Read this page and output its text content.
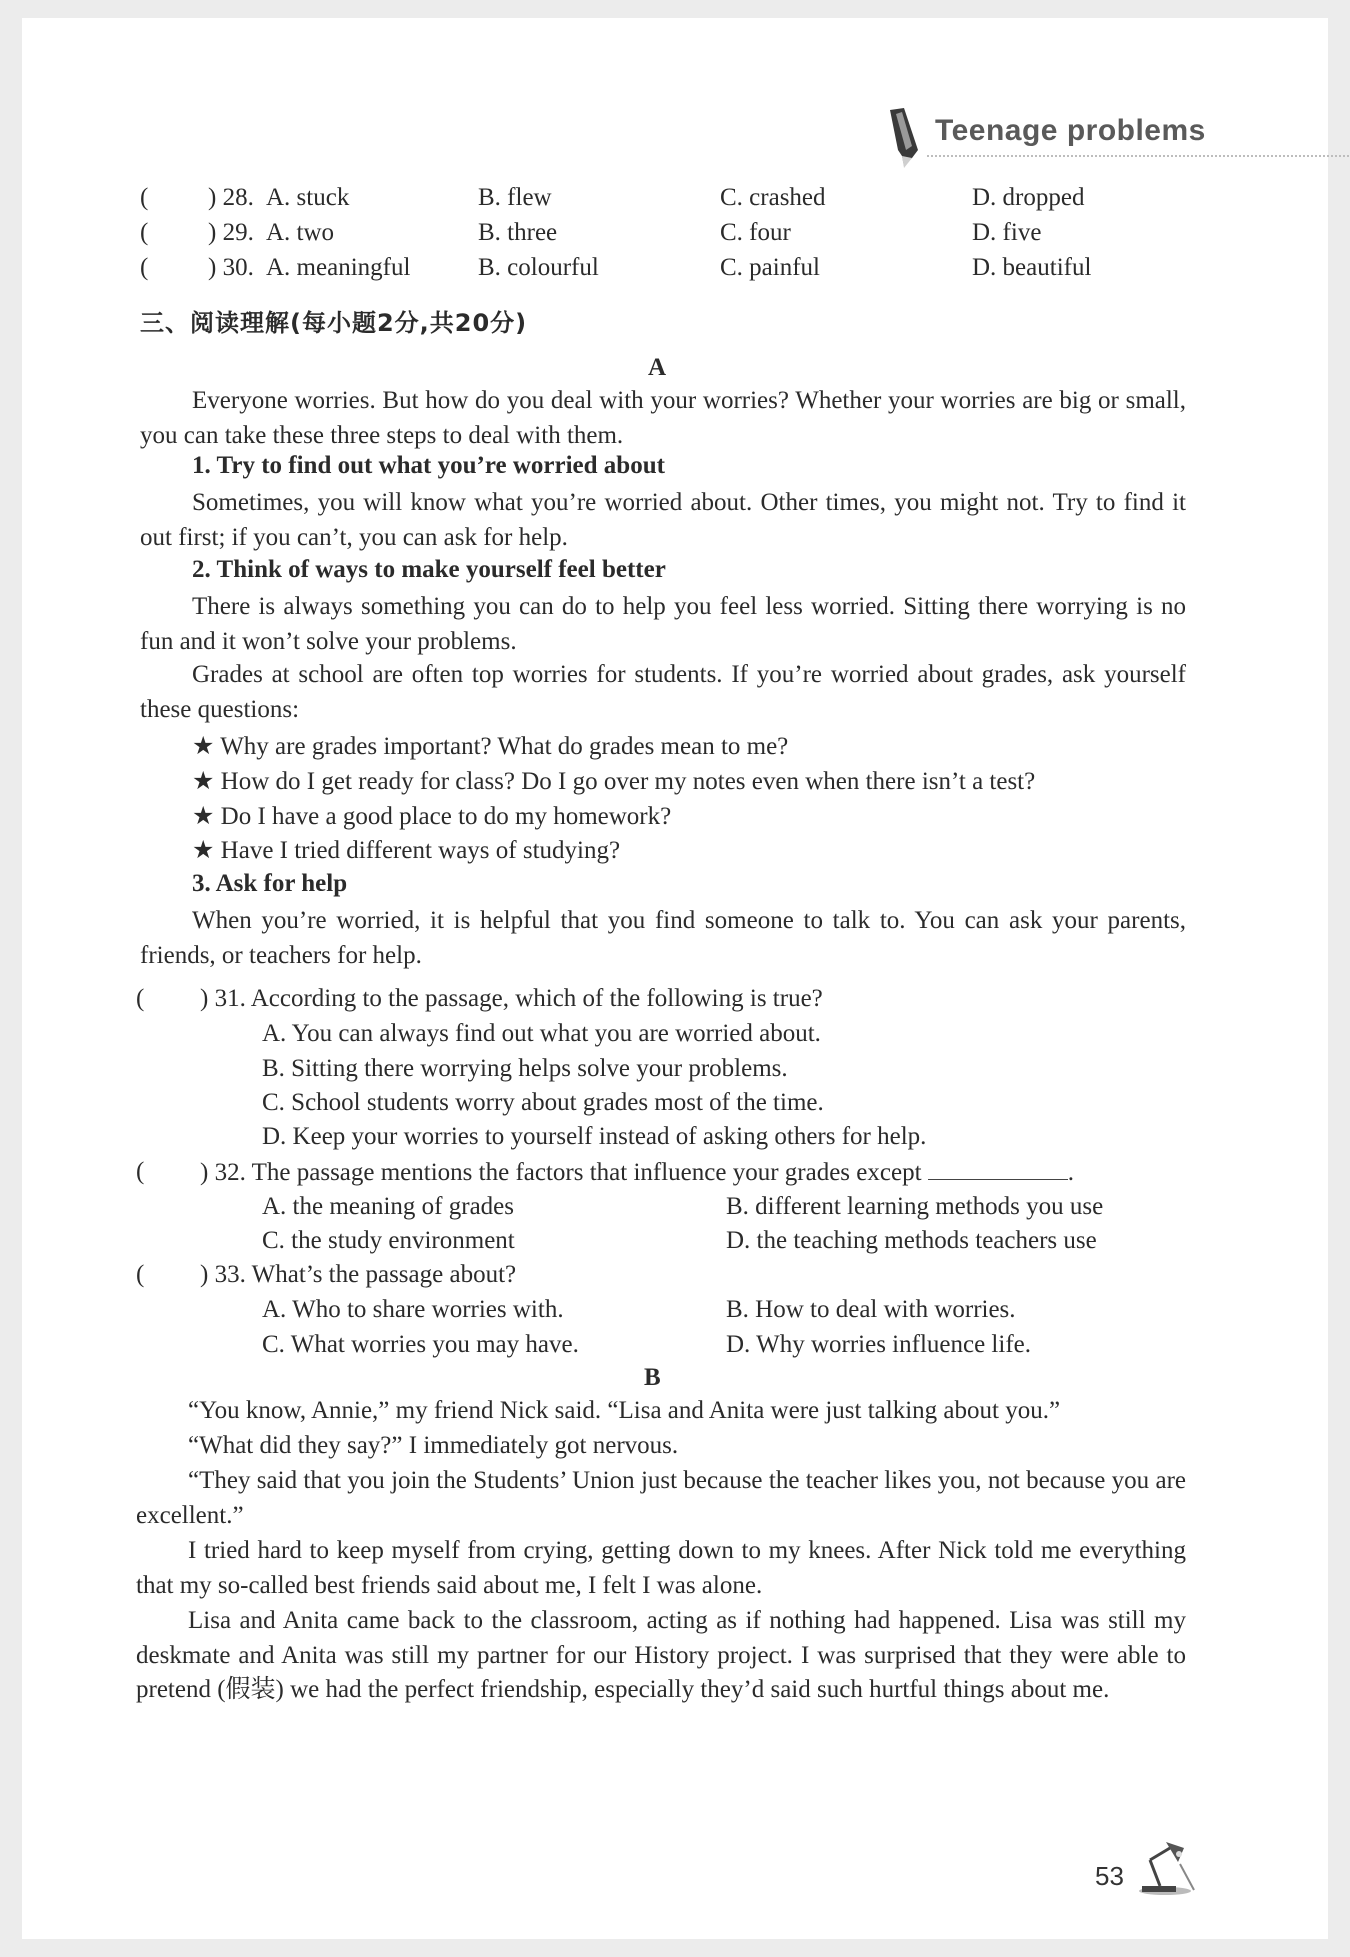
Teenage problems
( ) 28. A. stuck	B. flew	C. crashed	D. dropped
( ) 29. A. two	B. three	C. four	D. five
( ) 30. A. meaningful	B. colourful	C. painful	D. beautiful
三、阅读理解(每小题2分,共20分)
A
Everyone worries. But how do you deal with your worries? Whether your worries are big or small, you can take these three steps to deal with them.
1. Try to find out what you’re worried about
Sometimes, you will know what you’re worried about. Other times, you might not. Try to find it out first; if you can’t, you can ask for help.
2. Think of ways to make yourself feel better
There is always something you can do to help you feel less worried. Sitting there worrying is no fun and it won’t solve your problems.
Grades at school are often top worries for students. If you’re worried about grades, ask yourself these questions:
★ Why are grades important? What do grades mean to me?
★ How do I get ready for class? Do I go over my notes even when there isn’t a test?
★ Do I have a good place to do my homework?
★ Have I tried different ways of studying?
3. Ask for help
When you’re worried, it is helpful that you find someone to talk to. You can ask your parents, friends, or teachers for help.
( ) 31. According to the passage, which of the following is true?
A. You can always find out what you are worried about.
B. Sitting there worrying helps solve your problems.
C. School students worry about grades most of the time.
D. Keep your worries to yourself instead of asking others for help.
( ) 32. The passage mentions the factors that influence your grades except	.
A. the meaning of grades	B. different learning methods you use
C. the study environment	D. the teaching methods teachers use
( ) 33. What’s the passage about?
A. Who to share worries with.	B. How to deal with worries.
C. What worries you may have.	D. Why worries influence life.
B
“You know, Annie,” my friend Nick said. “Lisa and Anita were just talking about you.”
“What did they say?” I immediately got nervous.
“They said that you join the Students’ Union just because the teacher likes you, not because you are excellent.”
I tried hard to keep myself from crying, getting down to my knees. After Nick told me everything that my so-called best friends said about me, I felt I was alone.
Lisa and Anita came back to the classroom, acting as if nothing had happened. Lisa was still my deskmate and Anita was still my partner for our History project. I was surprised that they were able to pretend (假装) we had the perfect friendship, especially they’d said such hurtful things about me.
53
